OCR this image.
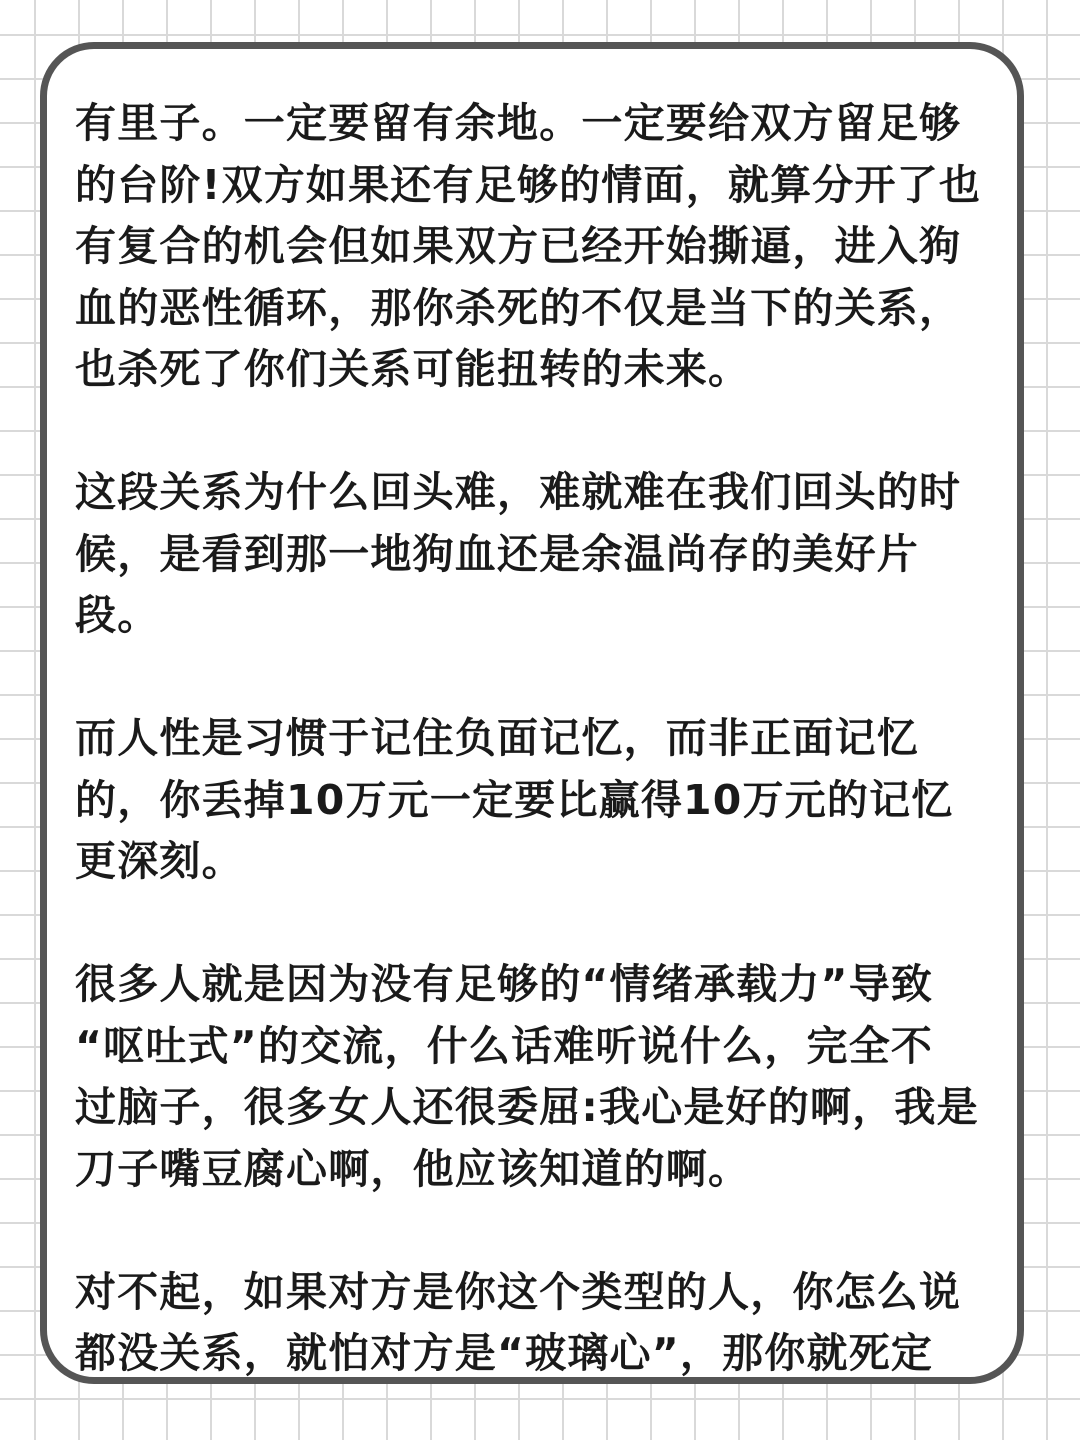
有里子。一定要留有余地。一定要给双方留足够
的台阶!双方如果还有足够的情面，就算分开了也
有复合的机会但如果双方已经开始撕逼，进入狗
血的恶性循环，那你杀死的不仅是当下的关系，
也杀死了你们关系可能扭转的未来。

这段关系为什么回头难，难就难在我们回头的时
候，是看到那一地狗血还是余温尚存的美好片
段。

而人性是习惯于记住负面记忆，而非正面记忆
的，你丢掉10万元一定要比赢得10万元的记忆
更深刻。

很多人就是因为没有足够的“情绪承载力”导致
“呕吐式”的交流，什么话难听说什么，完全不
过脑子，很多女人还很委屈:我心是好的啊，我是
刀子嘴豆腐心啊，他应该知道的啊。

对不起，如果对方是你这个类型的人，你怎么说
都没关系，就怕对方是“玻璃心”，那你就死定
